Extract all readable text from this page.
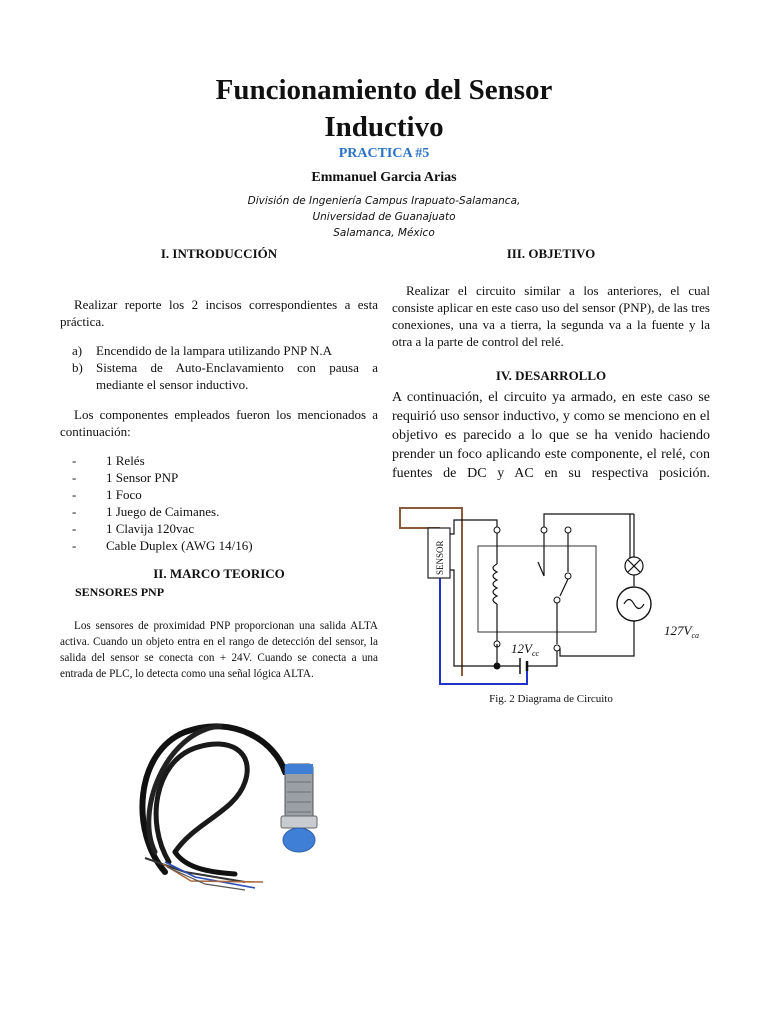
Funcionamiento del Sensor
Inductivo
PRACTICA #5
Emmanuel Garcia Arias
División de Ingeniería Campus Irapuato-Salamanca,
Universidad de Guanajuato
Salamanca, México
I. INTRODUCCIÓN
Realizar reporte los 2 incisos correspondientes a esta práctica.
a)	Encendido de la lampara utilizando PNP N.A
b)	Sistema de Auto-Enclavamiento con pausa a mediante el sensor inductivo.
Los componentes empleados fueron los mencionados a continuación:
-	1 Relés
-	1 Sensor PNP
-	1 Foco
-	1 Juego de Caimanes.
-	1 Clavija 120vac
-	Cable Duplex (AWG 14/16)
II. MARCO TEORICO
SENSORES PNP
Los sensores de proximidad PNP proporcionan una salida ALTA activa. Cuando un objeto entra en el rango de detección del sensor, la salida del sensor se conecta con + 24V. Cuando se conecta a una entrada de PLC, lo detecta como una señal lógica ALTA.
III. OBJETIVO
Realizar el circuito similar a los anteriores, el cual consiste aplicar en este caso uso del sensor (PNP), de las tres conexiones, una va a tierra, la segunda va a la fuente y la otra a la parte de control del relé.
IV. DESARROLLO
A continuación, el circuito ya armado, en este caso se requirió uso sensor inductivo, y como se menciono en el objetivo es parecido a lo que se ha venido haciendo prender un foco aplicando este componente, el relé, con fuentes de DC y AC en su respectiva posición.
SENSOR
$12V_{cc}$
$127V_{ca}$
Fig. 2 Diagrama de Circuito
